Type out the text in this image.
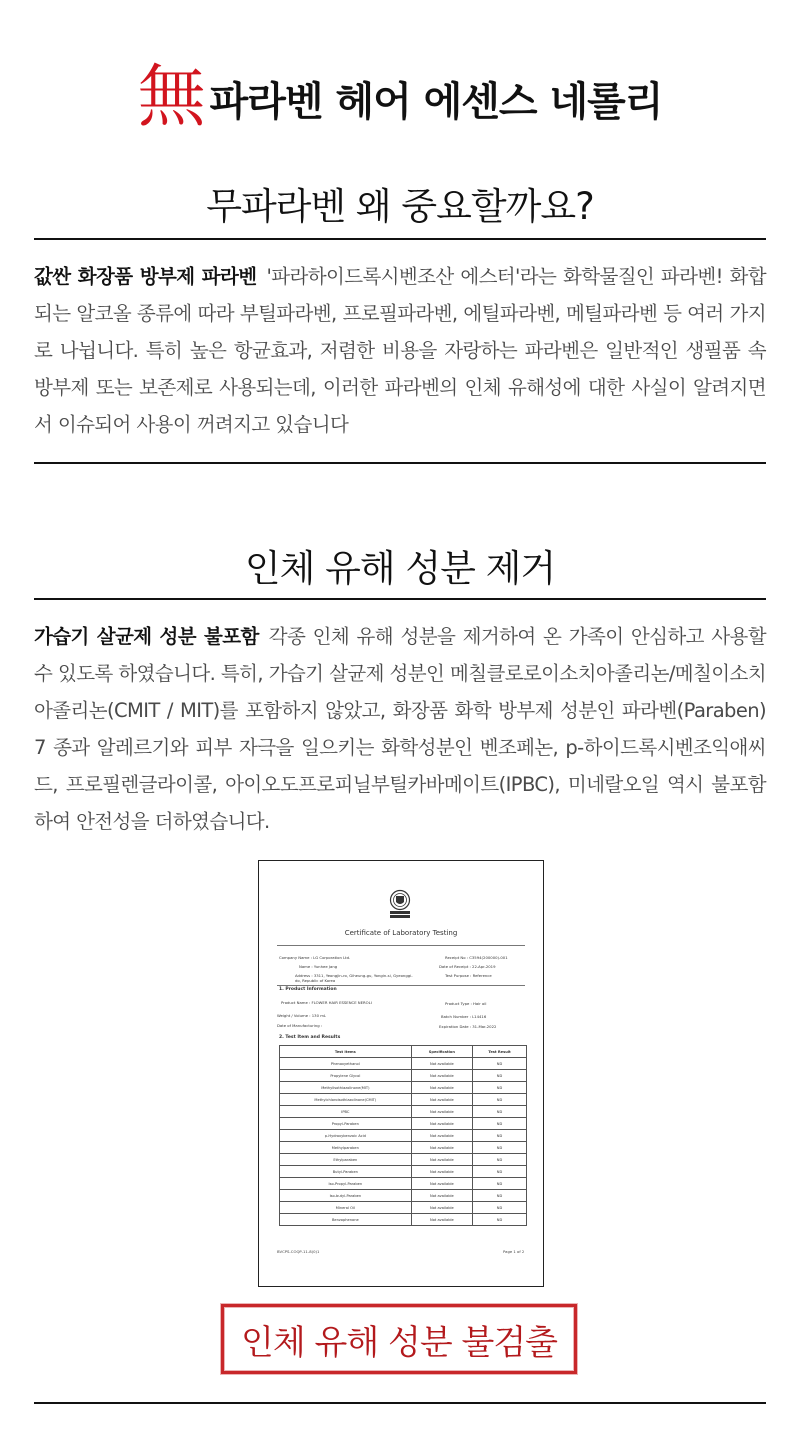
無 파라벤 헤어 에센스 네롤리
무파라벤 왜 중요할까요?

값싼 화장품 방부제 파라벤 '파라하이드록시벤조산 에스터'라는 화학물질인 파라벤! 화합되는 알코올 종류에 따라 부틸파라벤, 프로필파라벤, 에틸파라벤, 메틸파라벤 등 여러 가지로 나뉩니다. 특히 높은 항균효과, 저렴한 비용을 자랑하는 파라벤은 일반적인 생필품 속 방부제 또는 보존제로 사용되는데, 이러한 파라벤의 인체 유해성에 대한 사실이 알려지면서 이슈되어 사용이 꺼려지고 있습니다

인체 유해 성분 제거

가습기 살균제 성분 불포함 각종 인체 유해 성분을 제거하여 온 가족이 안심하고 사용할 수 있도록 하였습니다. 특히, 가습기 살균제 성분인 메칠클로로이소치아졸리논/메칠이소치아졸리논(CMIT / MIT)를 포함하지 않았고, 화장품 화학 방부제 성분인 파라벤(Paraben) 7 종과 알레르기와 피부 자극을 일으키는 화학성분인 벤조페논, p-하이드록시벤조익애씨드, 프로필렌글라이콜, 아이오도프로피닐부틸카바메이트(IPBC), 미네랄오일 역시 불포함하여 안전성을 더하였습니다.

Certificate of Laboratory Testing
Company Name : LG Corporation Ltd.
Name : Yunhee Jang
Address : 3311, Yeongjin-ro, Giheung-gu, Yongin-si, Gyeonggi-do, Republic of Korea
Receipt No : C3594(200000)-001
Date of Receipt : 22-Apr-2019
Test Purpose : Reference
1. Product Information
Product Name : FLOWER HAIR ESSENCE NEROLI	Product Type : Hair oil
Weight / Volume : 130 mL	Batch Number : L14416
Date of Manufacturing :	Expiration Date : 31-Mar-2022
2. Test Item and Results
Test Items	Specification	Test Result
Phenoxyethanol	Not available	ND
Propylene Glycol	Not available	ND
Methylisothiazolinone(MIT)	Not available	ND
Methylchloroisothiazolinone(CMIT)	Not available	ND
IPBC	Not available	ND
Propyl-Paraben	Not available	ND
p-Hydroxybenzoic Acid	Not available	ND
Methylparaben	Not available	ND
Ethylparaben	Not available	ND
Butyl-Paraben	Not available	ND
Iso-Propyl-Paraben	Not available	ND
Iso-butyl-Paraben	Not available	ND
Mineral Oil	Not available	ND
Benzophenone	Not available	ND
BVCPS-COQP-11-8(0)1	Page 1 of 2
인체 유해 성분 불검출
